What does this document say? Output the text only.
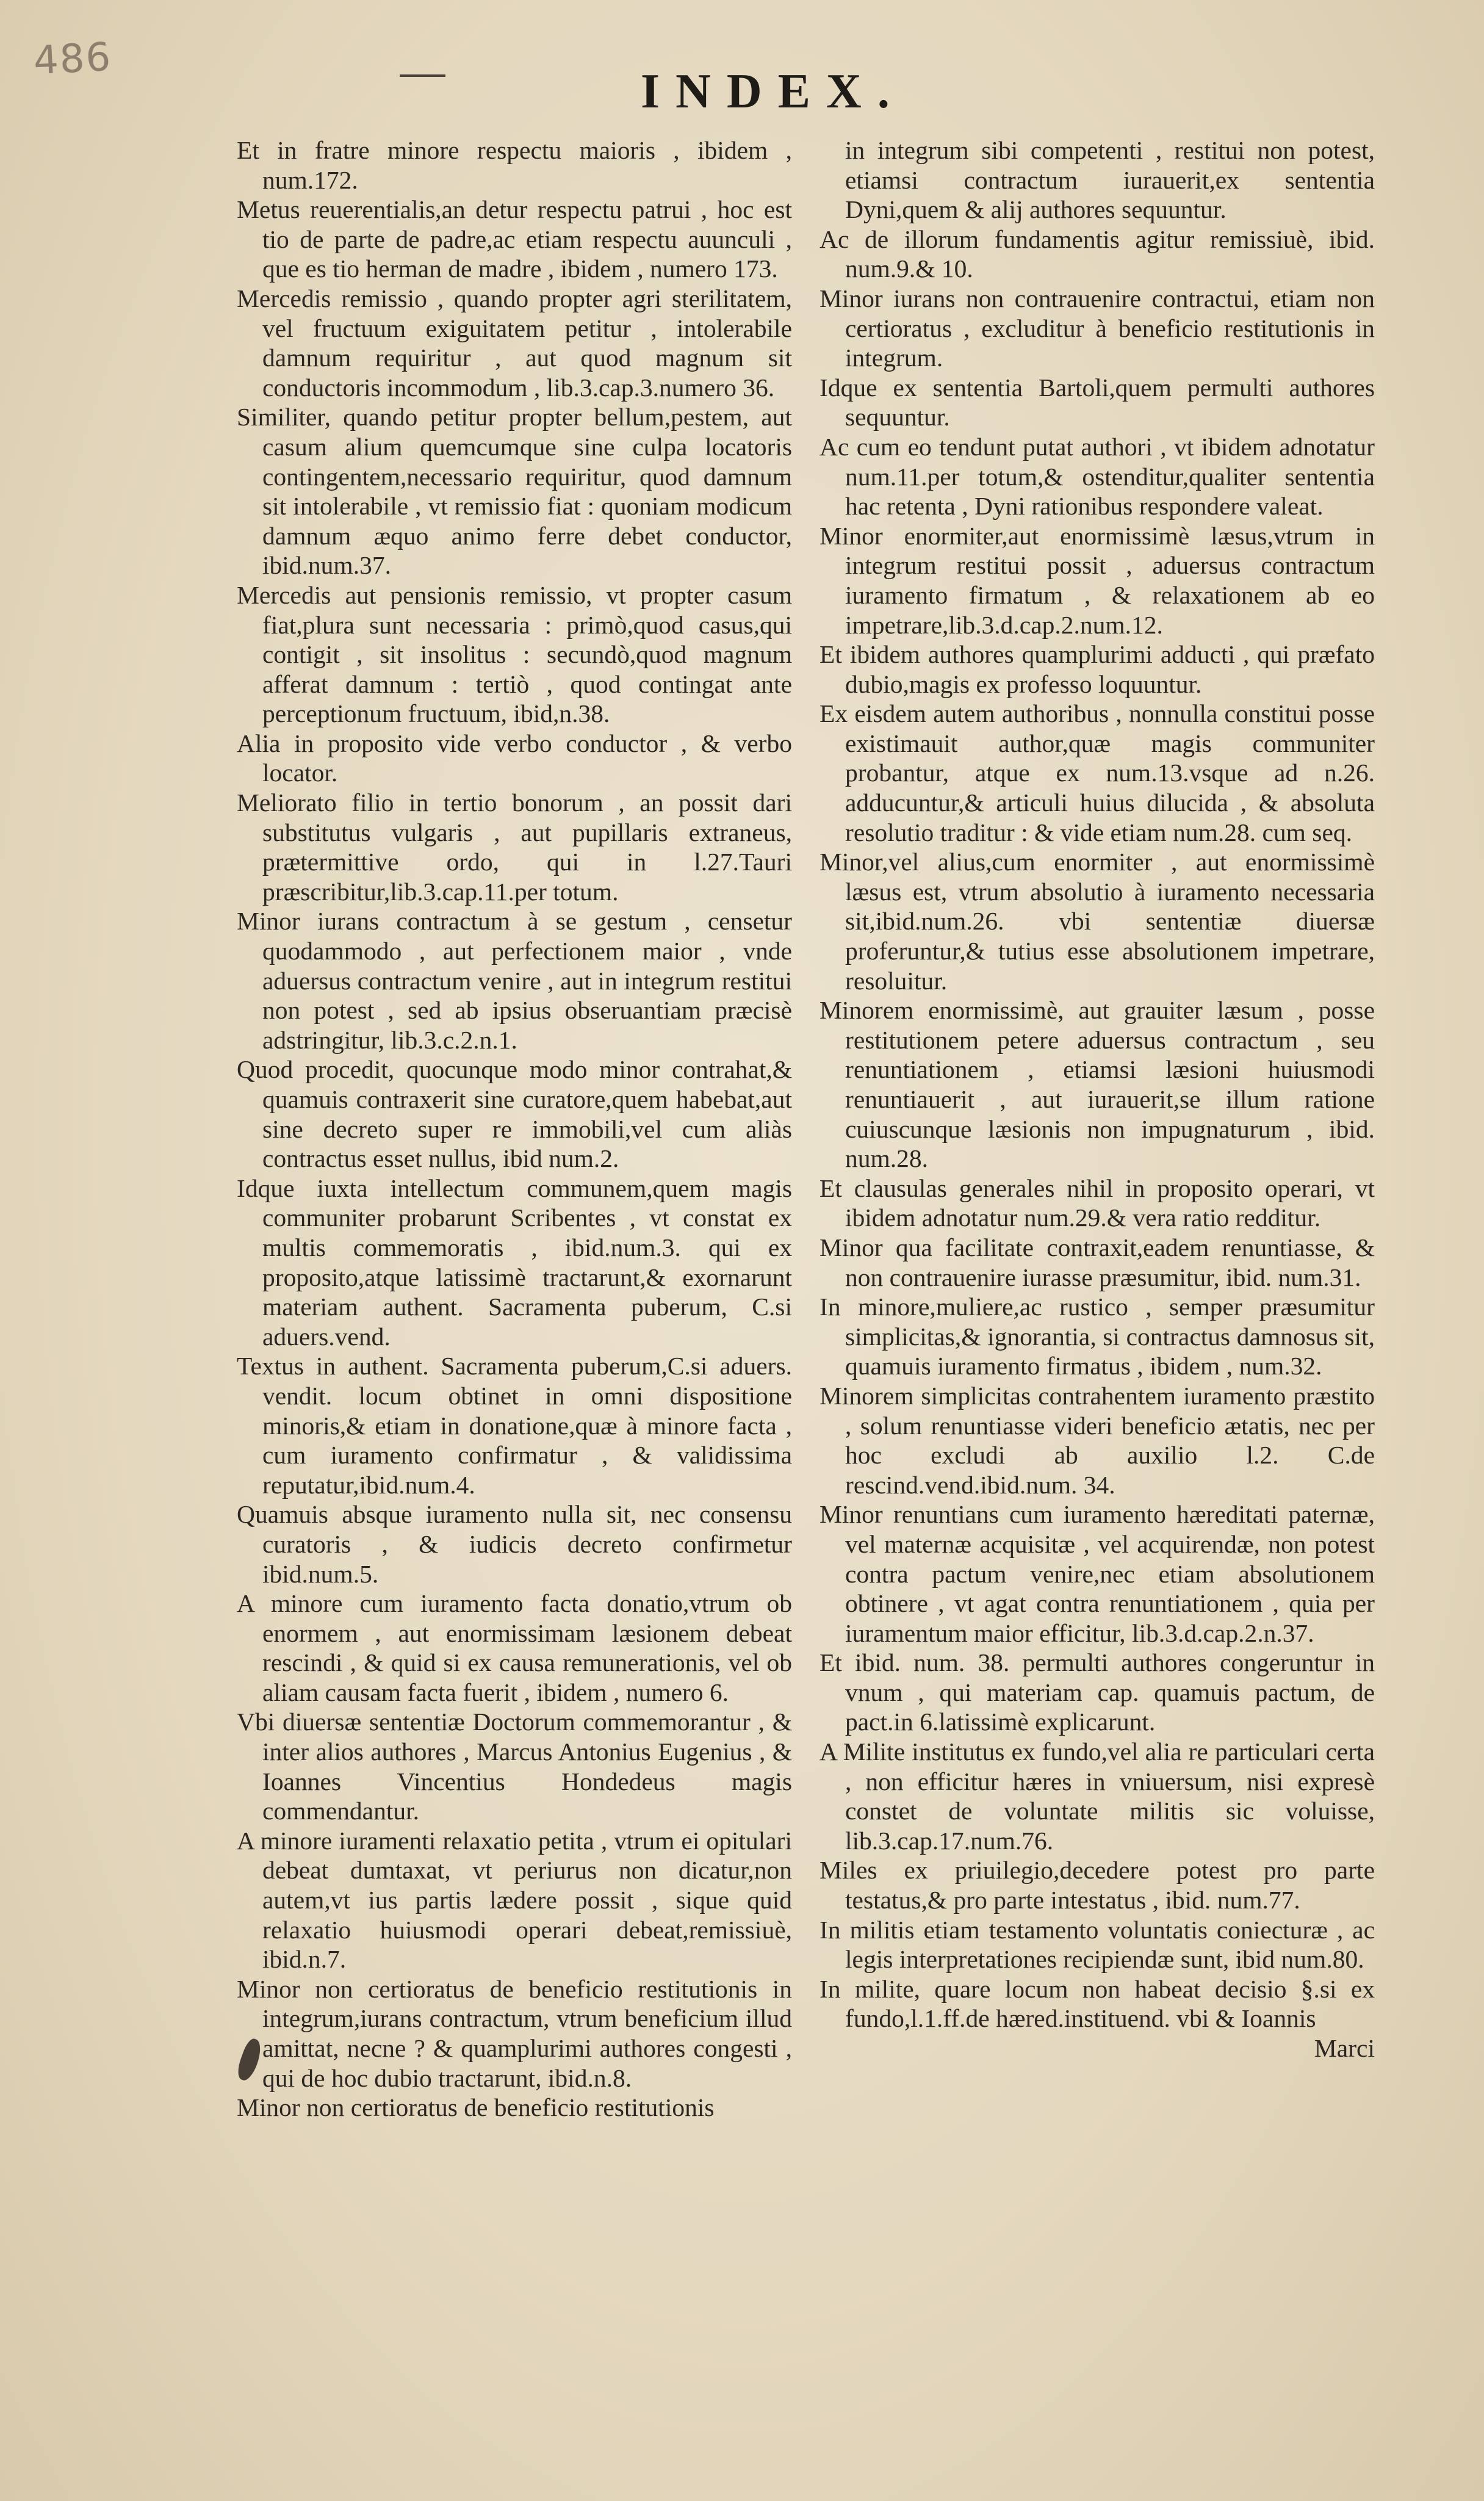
486
INDEX.

Et in fratre minore respectu maioris , ibidem , num.172.

Metus reuerentialis,an detur respectu patrui , hoc est tio de parte de padre,ac etiam respectu auunculi , que es tio herman de madre , ibidem , numero 173.

Mercedis remissio , quando propter agri sterilitatem, vel fructuum exiguitatem petitur , intolerabile damnum requiritur , aut quod magnum sit conductoris incommodum , lib.3.cap.3.numero 36.

Similiter, quando petitur propter bellum,pestem, aut casum alium quemcumque sine culpa locatoris contingentem,necessario requiritur, quod damnum sit intolerabile , vt remissio fiat : quoniam modicum damnum æquo animo ferre debet conductor, ibid.num.37.

Mercedis aut pensionis remissio, vt propter casum fiat,plura sunt necessaria : primò,quod casus,qui contigit , sit insolitus : secundò,quod magnum afferat damnum : tertiò , quod contingat ante perceptionum fructuum, ibid,n.38.

Alia in proposito vide verbo conductor , & verbo locator.

Meliorato filio in tertio bonorum , an possit dari substitutus vulgaris , aut pupillaris extraneus, prætermittive ordo, qui in l.27.Tauri præscribitur,lib.3.cap.11.per totum.

Minor iurans contractum à se gestum , censetur quodammodo , aut perfectionem maior , vnde aduersus contractum venire , aut in integrum restitui non potest , sed ab ipsius obseruantiam præcisè adstringitur, lib.3.c.2.n.1.

Quod procedit, quocunque modo minor contrahat,& quamuis contraxerit sine curatore,quem habebat,aut sine decreto super re immobili,vel cum aliàs contractus esset nullus, ibid num.2.

Idque iuxta intellectum communem,quem magis communiter probarunt Scribentes , vt constat ex multis commemoratis , ibid.num.3. qui ex proposito,atque latissimè tractarunt,& exornarunt materiam authent. Sacramenta puberum, C.si aduers.vend.

Textus in authent. Sacramenta puberum,C.si aduers. vendit. locum obtinet in omni dispositione minoris,& etiam in donatione,quæ à minore facta , cum iuramento confirmatur , & validissima reputatur,ibid.num.4.

Quamuis absque iuramento nulla sit, nec consensu curatoris , & iudicis decreto confirmetur ibid.num.5.

A minore cum iuramento facta donatio,vtrum ob enormem , aut enormissimam læsionem debeat rescindi , & quid si ex causa remunerationis, vel ob aliam causam facta fuerit , ibidem , numero 6.

Vbi diuersæ sententiæ Doctorum commemorantur , & inter alios authores , Marcus Antonius Eugenius , & Ioannes Vincentius Hondedeus magis commendantur.

A minore iuramenti relaxatio petita , vtrum ei opitulari debeat dumtaxat, vt periurus non dicatur,non autem,vt ius partis lædere possit , sique quid relaxatio huiusmodi operari debeat,remissiuè, ibid.n.7.

Minor non certioratus de beneficio restitutionis in integrum,iurans contractum, vtrum beneficium illud amittat, necne ? & quamplurimi authores congesti , qui de hoc dubio tractarunt, ibid.n.8.

Minor non certioratus de beneficio restitutionis

in integrum sibi competenti , restitui non potest, etiamsi contractum iurauerit,ex sententia Dyni,quem & alij authores sequuntur.

Ac de illorum fundamentis agitur remissiuè, ibid. num.9.& 10.

Minor iurans non contrauenire contractui, etiam non certioratus , excluditur à beneficio restitutionis in integrum.

Idque ex sententia Bartoli,quem permulti authores sequuntur.

Ac cum eo tendunt putat authori , vt ibidem adnotatur num.11.per totum,& ostenditur,qualiter sententia hac retenta , Dyni rationibus respondere valeat.

Minor enormiter,aut enormissimè læsus,vtrum in integrum restitui possit , aduersus contractum iuramento firmatum , & relaxationem ab eo impetrare,lib.3.d.cap.2.num.12.

Et ibidem authores quamplurimi adducti , qui præfato dubio,magis ex professo loquuntur.

Ex eisdem autem authoribus , nonnulla constitui posse existimauit author,quæ magis communiter probantur, atque ex num.13.vsque ad n.26. adducuntur,& articuli huius dilucida , & absoluta resolutio traditur : & vide etiam num.28. cum seq.

Minor,vel alius,cum enormiter , aut enormissimè læsus est, vtrum absolutio à iuramento necessaria sit,ibid.num.26. vbi sententiæ diuersæ proferuntur,& tutius esse absolutionem impetrare, resoluitur.

Minorem enormissimè, aut grauiter læsum , posse restitutionem petere aduersus contractum , seu renuntiationem , etiamsi læsioni huiusmodi renuntiauerit , aut iurauerit,se illum ratione cuiuscunque læsionis non impugnaturum , ibid. num.28.

Et clausulas generales nihil in proposito operari, vt ibidem adnotatur num.29.& vera ratio redditur.

Minor qua facilitate contraxit,eadem renuntiasse, & non contrauenire iurasse præsumitur, ibid. num.31.

In minore,muliere,ac rustico , semper præsumitur simplicitas,& ignorantia, si contractus damnosus sit, quamuis iuramento firmatus , ibidem , num.32.

Minorem simplicitas contrahentem iuramento præstito , solum renuntiasse videri beneficio ætatis, nec per hoc excludi ab auxilio l.2. C.de rescind.vend.ibid.num. 34.

Minor renuntians cum iuramento hæreditati paternæ, vel maternæ acquisitæ , vel acquirendæ, non potest contra pactum venire,nec etiam absolutionem obtinere , vt agat contra renuntiationem , quia per iuramentum maior efficitur, lib.3.d.cap.2.n.37.

Et ibid. num. 38. permulti authores congeruntur in vnum , qui materiam cap. quamuis pactum, de pact.in 6.latissimè explicarunt.

A Milite institutus ex fundo,vel alia re particulari certa , non efficitur hæres in vniuersum, nisi expresè constet de voluntate militis sic voluisse, lib.3.cap.17.num.76.

Miles ex priuilegio,decedere potest pro parte testatus,& pro parte intestatus , ibid. num.77.

In militis etiam testamento voluntatis coniecturæ , ac legis interpretationes recipiendæ sunt, ibid num.80.

In milite, quare locum non habeat decisio §.si ex fundo,l.1.ff.de hæred.instituend. vbi & Ioannis

Marci
